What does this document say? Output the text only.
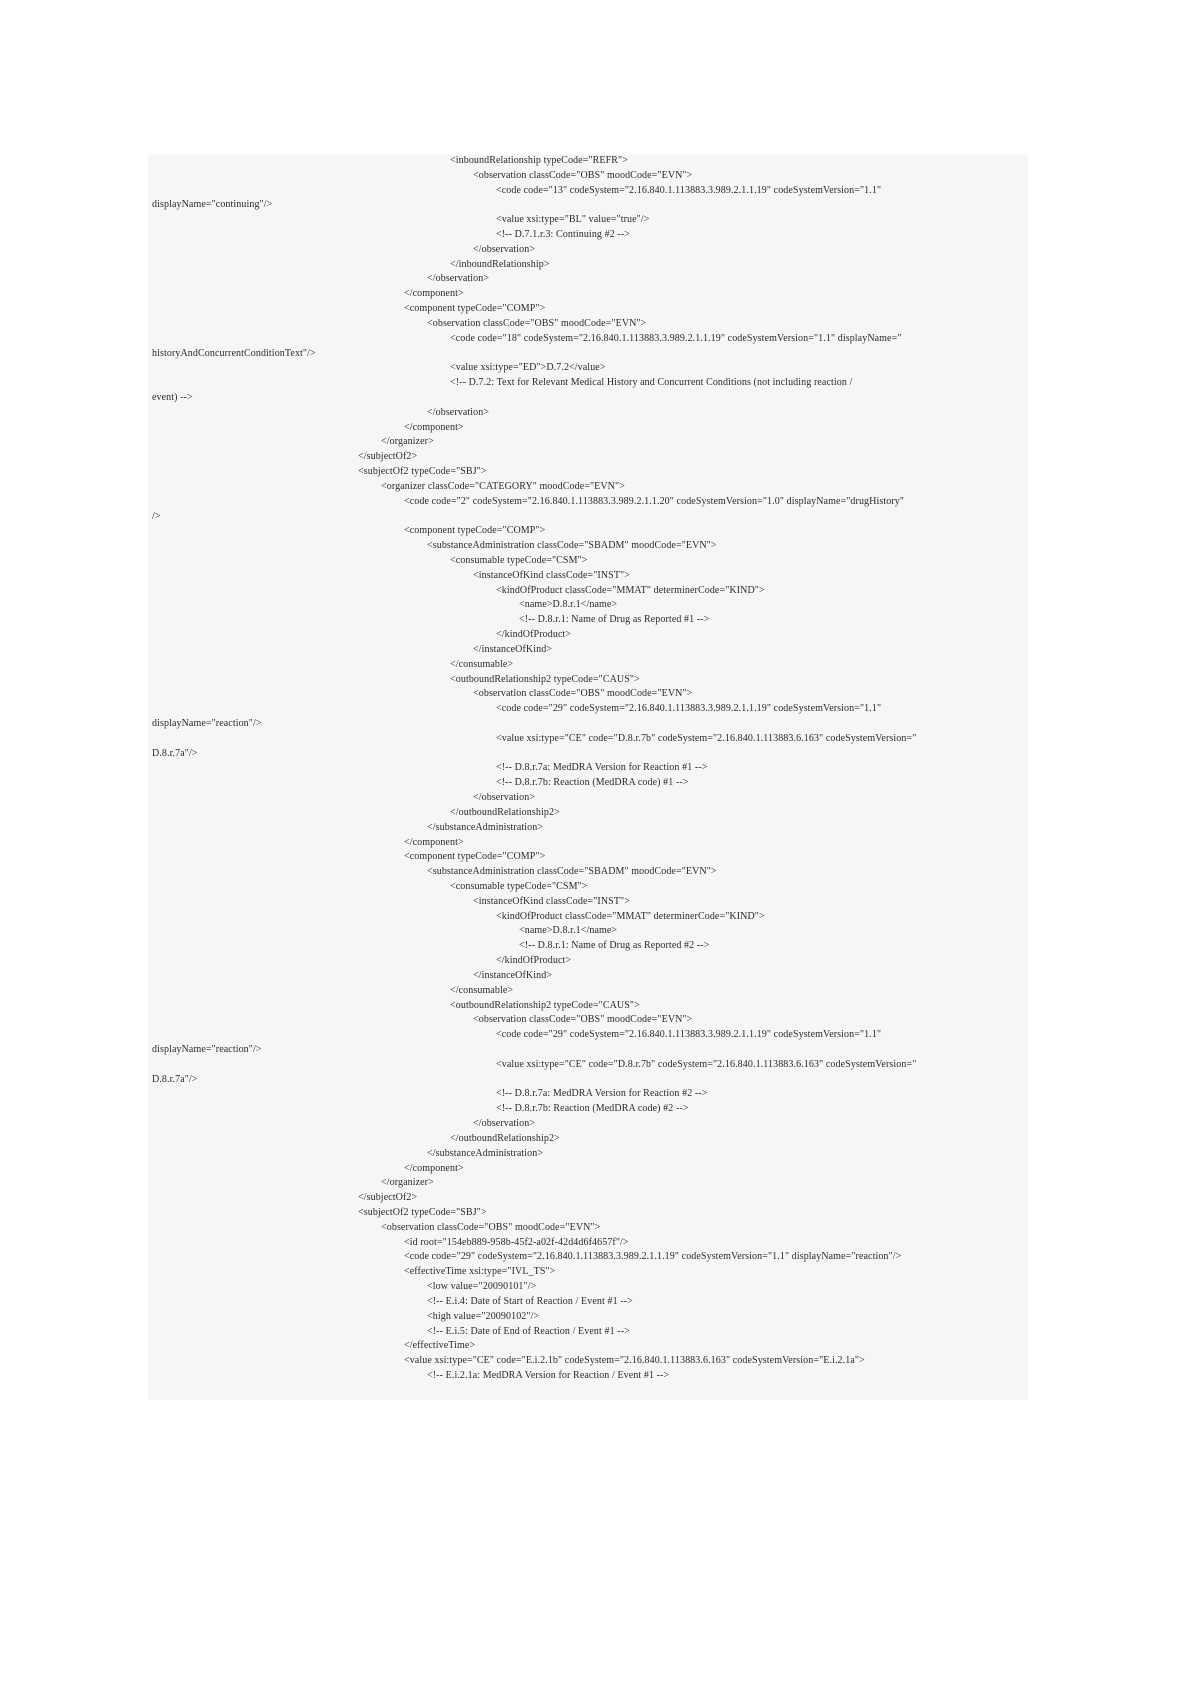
<inboundRelationship typeCode="REFR">
<observation classCode="OBS" moodCode="EVN">
<code code="13" codeSystem="2.16.840.1.113883.3.989.2.1.1.19" codeSystemVersion="1.1"
displayName="continuing"/>
<value xsi:type="BL" value="true"/>
<!-- D.7.1.r.3: Continuing #2 -->
</observation>
</inboundRelationship>
</observation>
</component>
<component typeCode="COMP">
<observation classCode="OBS" moodCode="EVN">
<code code="18" codeSystem="2.16.840.1.113883.3.989.2.1.1.19" codeSystemVersion="1.1" displayName="
historyAndConcurrentConditionText"/>
<value xsi:type="ED">D.7.2</value>
<!-- D.7.2: Text for Relevant Medical History and Concurrent Conditions (not including reaction /
event) -->
</observation>
</component>
</organizer>
</subjectOf2>
<subjectOf2 typeCode="SBJ">
<organizer classCode="CATEGORY" moodCode="EVN">
<code code="2" codeSystem="2.16.840.1.113883.3.989.2.1.1.20" codeSystemVersion="1.0" displayName="drugHistory"
/>
<component typeCode="COMP">
<substanceAdministration classCode="SBADM" moodCode="EVN">
<consumable typeCode="CSM">
<instanceOfKind classCode="INST">
<kindOfProduct classCode="MMAT" determinerCode="KIND">
<name>D.8.r.1</name>
<!-- D.8.r.1: Name of Drug as Reported #1 -->
</kindOfProduct>
</instanceOfKind>
</consumable>
<outboundRelationship2 typeCode="CAUS">
<observation classCode="OBS" moodCode="EVN">
<code code="29" codeSystem="2.16.840.1.113883.3.989.2.1.1.19" codeSystemVersion="1.1"
displayName="reaction"/>
<value xsi:type="CE" code="D.8.r.7b" codeSystem="2.16.840.1.113883.6.163" codeSystemVersion="
D.8.r.7a"/>
<!-- D.8.r.7a: MedDRA Version for Reaction #1 -->
<!-- D.8.r.7b: Reaction (MedDRA code) #1 -->
</observation>
</outboundRelationship2>
</substanceAdministration>
</component>
<component typeCode="COMP">
<substanceAdministration classCode="SBADM" moodCode="EVN">
<consumable typeCode="CSM">
<instanceOfKind classCode="INST">
<kindOfProduct classCode="MMAT" determinerCode="KIND">
<name>D.8.r.1</name>
<!-- D.8.r.1: Name of Drug as Reported #2 -->
</kindOfProduct>
</instanceOfKind>
</consumable>
<outboundRelationship2 typeCode="CAUS">
<observation classCode="OBS" moodCode="EVN">
<code code="29" codeSystem="2.16.840.1.113883.3.989.2.1.1.19" codeSystemVersion="1.1"
displayName="reaction"/>
<value xsi:type="CE" code="D.8.r.7b" codeSystem="2.16.840.1.113883.6.163" codeSystemVersion="
D.8.r.7a"/>
<!-- D.8.r.7a: MedDRA Version for Reaction #2 -->
<!-- D.8.r.7b: Reaction (MedDRA code) #2 -->
</observation>
</outboundRelationship2>
</substanceAdministration>
</component>
</organizer>
</subjectOf2>
<subjectOf2 typeCode="SBJ">
<observation classCode="OBS" moodCode="EVN">
<id root="154eb889-958b-45f2-a02f-42d4d6f4657f"/>
<code code="29" codeSystem="2.16.840.1.113883.3.989.2.1.1.19" codeSystemVersion="1.1" displayName="reaction"/>
<effectiveTime xsi:type="IVL_TS">
<low value="20090101"/>
<!-- E.i.4: Date of Start of Reaction / Event #1 -->
<high value="20090102"/>
<!-- E.i.5: Date of End of Reaction / Event #1 -->
</effectiveTime>
<value xsi:type="CE" code="E.i.2.1b" codeSystem="2.16.840.1.113883.6.163" codeSystemVersion="E.i.2.1a">
<!-- E.i.2.1a: MedDRA Version for Reaction / Event #1 -->
